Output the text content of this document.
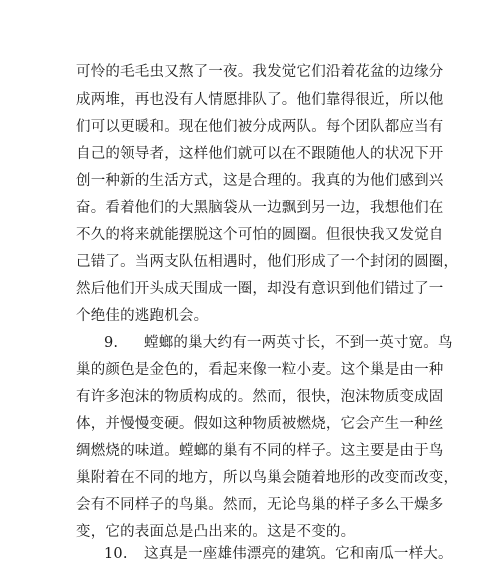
可怜的毛毛虫又熬了一夜。我发觉它们沿着花盆的边缘分
成两堆，再也没有人情愿排队了。他们靠得很近，所以他
们可以更暖和。现在他们被分成两队。每个团队都应当有
自己的领导者，这样他们就可以在不跟随他人的状况下开
创一种新的生活方式，这是合理的。我真的为他们感到兴
奋。看着他们的大黑脑袋从一边飘到另一边，我想他们在
不久的将来就能摆脱这个可怕的圆圈。但很快我又发觉自
己错了。当两支队伍相遇时，他们形成了一个封闭的圆圈，
然后他们开头成天围成一圈，却没有意识到他们错过了一
个绝佳的逃跑机会。
9. 螳螂的巢大约有一两英寸长，不到一英寸宽。鸟
巢的颜色是金色的，看起来像一粒小麦。这个巢是由一种
有许多泡沫的物质构成的。然而，很快，泡沫物质变成固
体，并慢慢变硬。假如这种物质被燃烧，它会产生一种丝
绸燃烧的味道。螳螂的巢有不同的样子。这主要是由于鸟
巢附着在不同的地方，所以鸟巢会随着地形的改变而改变，
会有不同样子的鸟巢。然而，无论鸟巢的样子多么干燥多
变，它的表面总是凸出来的。这是不变的。
10. 这真是一座雄伟漂亮的建筑。它和南瓜一样大。
